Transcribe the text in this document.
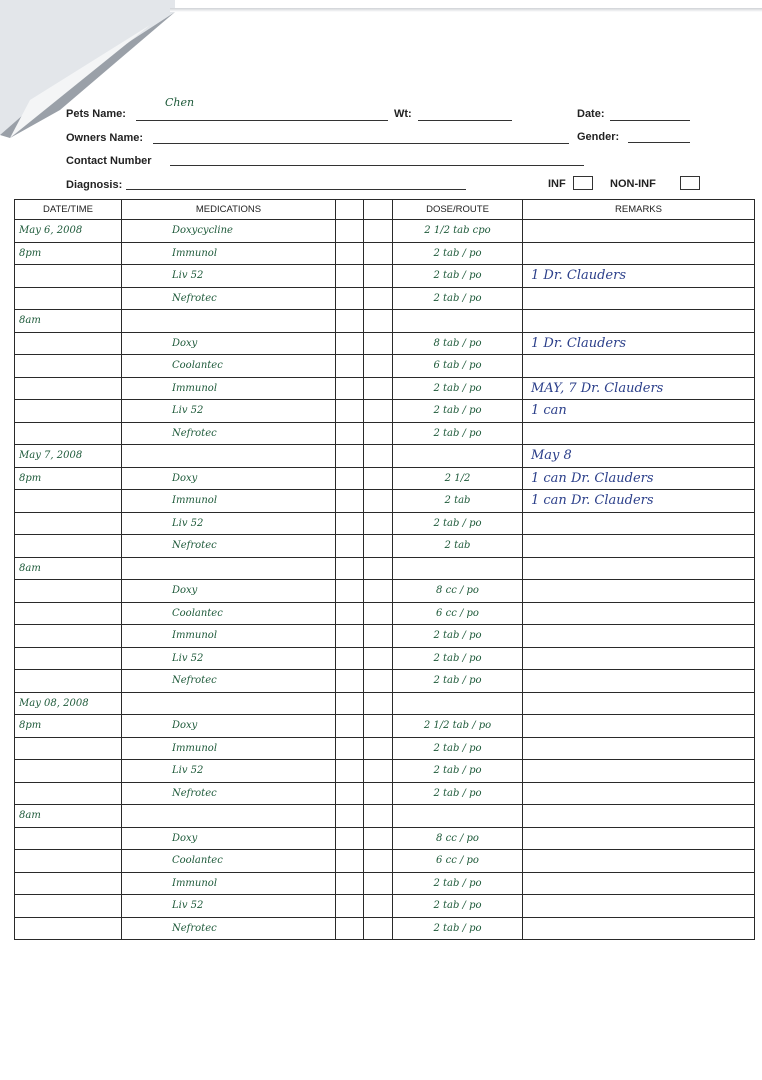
Pets Name:
Chen
Wt:	Date:
Owners Name:	Gender:
Contact Number
Diagnosis:	INF	NON-INF
DATE/TIME	MEDICATIONS			DOSE/ROUTE	REMARKS

May 6, 2008	Doxycycline			2 1/2 tab cpo	

8pm	Immunol			2 tab / po	

	Liv 52			2 tab / po	1 Dr. Clauders

	Nefrotec			2 tab / po	

8am					

	Doxy			8 tab / po	1 Dr. Clauders

	Coolantec			6 tab / po	

	Immunol			2 tab / po	MAY, 7 Dr. Clauders

	Liv 52			2 tab / po	1 can

	Nefrotec			2 tab / po	

May 7, 2008					May 8

8pm	Doxy			2 1/2	1 can Dr. Clauders

	Immunol			2 tab	1 can Dr. Clauders

	Liv 52			2 tab / po	

	Nefrotec			2 tab	

8am					

	Doxy			8 cc / po	

	Coolantec			6 cc / po	

	Immunol			2 tab / po	

	Liv 52			2 tab / po	

	Nefrotec			2 tab / po	

May 08, 2008					

8pm	Doxy			2 1/2 tab / po	

	Immunol			2 tab / po	

	Liv 52			2 tab / po	

	Nefrotec			2 tab / po	

8am					

	Doxy			8 cc / po	

	Coolantec			6 cc / po	

	Immunol			2 tab / po	

	Liv 52			2 tab / po	

	Nefrotec			2 tab / po	
